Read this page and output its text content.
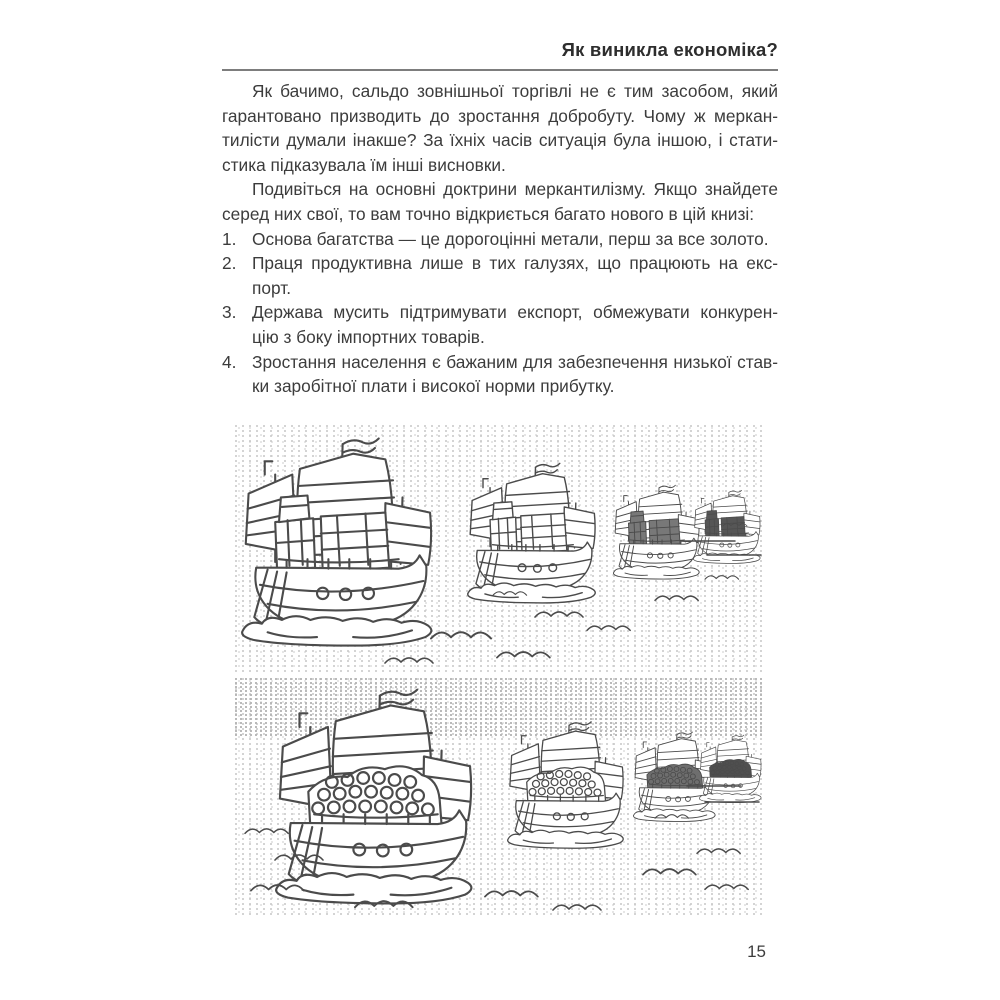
Як виникла економіка?
Як бачимо, сальдо зовнішньої торгівлі не є тим засобом, який
гарантовано призводить до зростання добробуту. Чому ж меркан-
тилісти думали інакше? За їхніх часів ситуація була іншою, і стати-
стика підказувала їм інші висновки.
Подивіться на основні доктрини меркантилізму. Якщо знайдете
серед них свої, то вам точно відкриється багато нового в цій книзі:
1. Основа багатства — це дорогоцінні метали, перш за все золото.
2. Праця продуктивна лише в тих галузях, що працюють на екс-
порт.
3. Держава мусить підтримувати експорт, обмежувати конкурен-
цію з боку імпортних товарів.
4. Зростання населення є бажаним для забезпечення низької став-
ки заробітної плати і високої норми прибутку.
15
